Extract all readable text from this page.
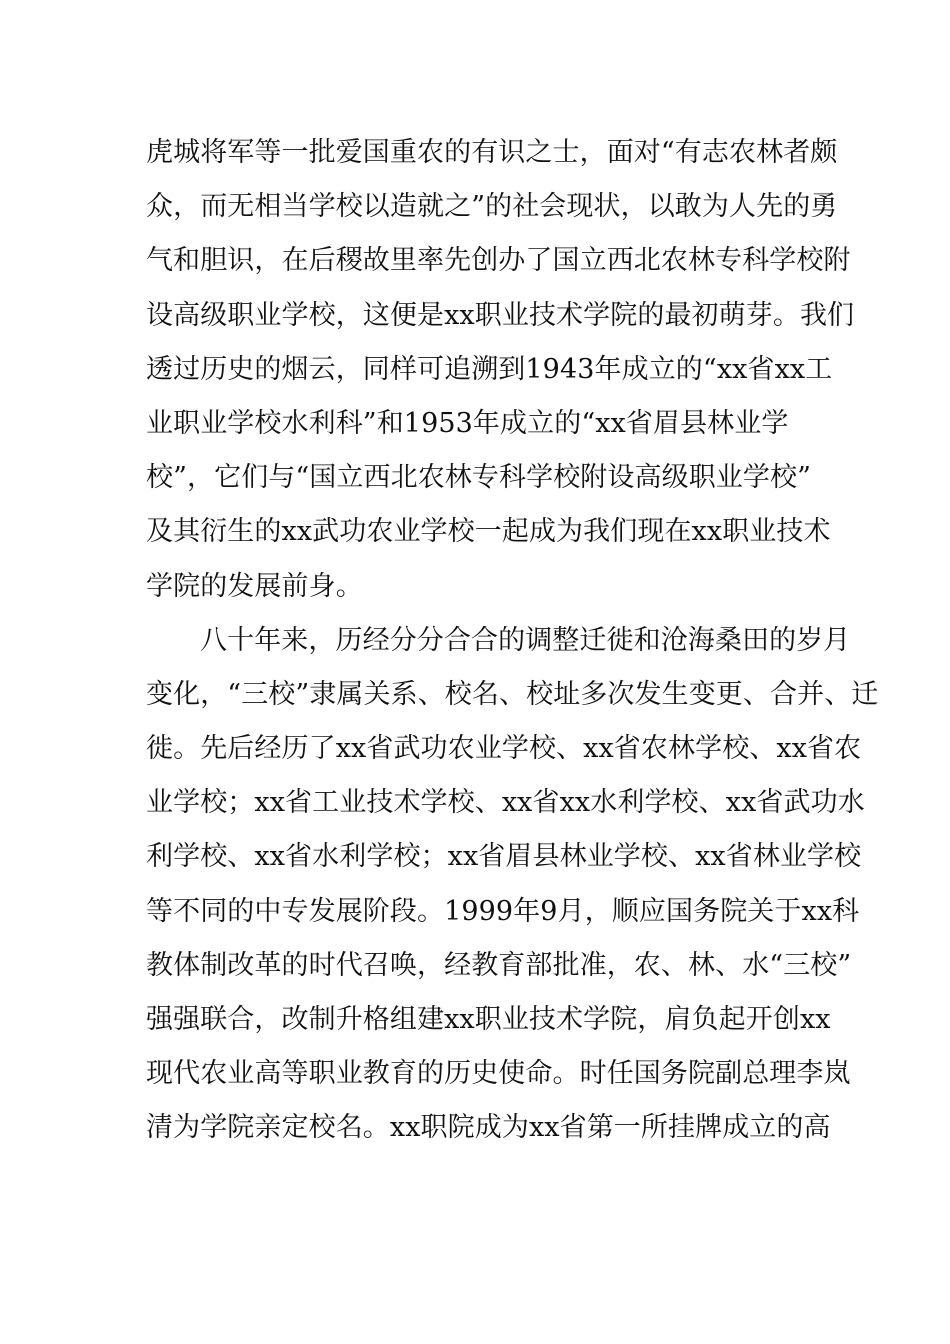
虎城将军等一批爱国重农的有识之士，面对“有志农林者颇
众，而无相当学校以造就之”的社会现状，以敢为人先的勇
气和胆识，在后稷故里率先创办了国立西北农林专科学校附
设高级职业学校，这便是xx职业技术学院的最初萌芽。我们
透过历史的烟云，同样可追溯到1943年成立的“xx省xx工
业职业学校水利科”和1953年成立的“xx省眉县林业学
校”，它们与“国立西北农林专科学校附设高级职业学校”
及其衍生的xx武功农业学校一起成为我们现在xx职业技术
学院的发展前身。
八十年来，历经分分合合的调整迁徙和沧海桑田的岁月
变化，“三校”隶属关系、校名、校址多次发生变更、合并、迁
徙。先后经历了xx省武功农业学校、xx省农林学校、xx省农
业学校；xx省工业技术学校、xx省xx水利学校、xx省武功水
利学校、xx省水利学校；xx省眉县林业学校、xx省林业学校
等不同的中专发展阶段。1999年9月，顺应国务院关于xx科
教体制改革的时代召唤，经教育部批准，农、林、水“三校”
强强联合，改制升格组建xx职业技术学院，肩负起开创xx
现代农业高等职业教育的历史使命。时任国务院副总理李岚
清为学院亲定校名。xx职院成为xx省第一所挂牌成立的高
